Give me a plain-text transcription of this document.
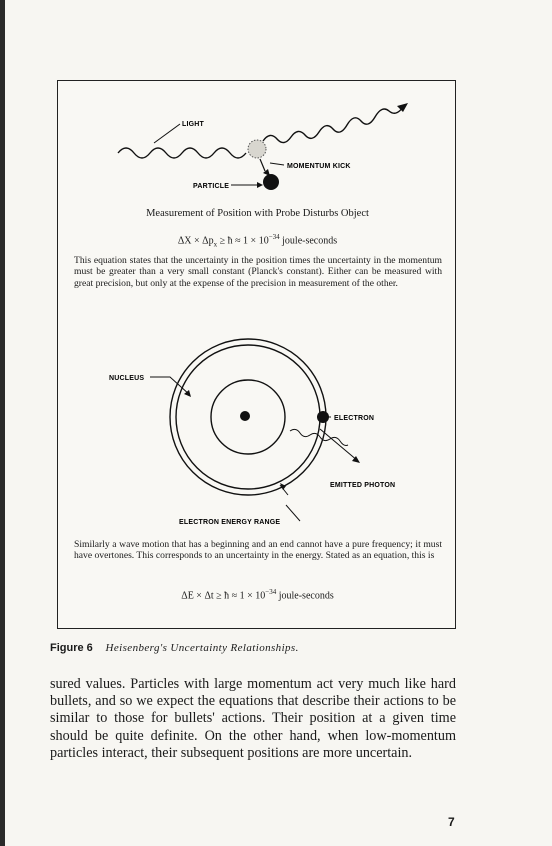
LIGHT
MOMENTUM KICK
PARTICLE
NUCLEUS
ELECTRON
EMITTED PHOTON
ELECTRON ENERGY RANGE
Measurement of Position with Probe Disturbs Object
$\Delta X \times \Delta p_x$ ≥ ħ ≈ $1 \times 10^{-34}$ joule-seconds
This equation states that the uncertainty in the position times the uncertainty in the momentum must be greater than a very small constant (Planck's constant). Either can be measured with great precision, but only at the expense of the precision in measurement of the other.
Similarly a wave motion that has a beginning and an end cannot have a pure frequency; it must have overtones. This corresponds to an uncertainty in the energy. Stated as an equation, this is
ΔE × Δt ≥ ħ ≈ $1 \times 10^{-34}$ joule-seconds
Figure 6 Heisenberg's Uncertainty Relationships.
sured values. Particles with large momentum act very much like hard bullets, and so we expect the equations that describe their actions to be similar to those for bullets' actions. Their position at a given time should be quite definite. On the other hand, when low-momentum particles interact, their subsequent positions are more uncertain.
7
